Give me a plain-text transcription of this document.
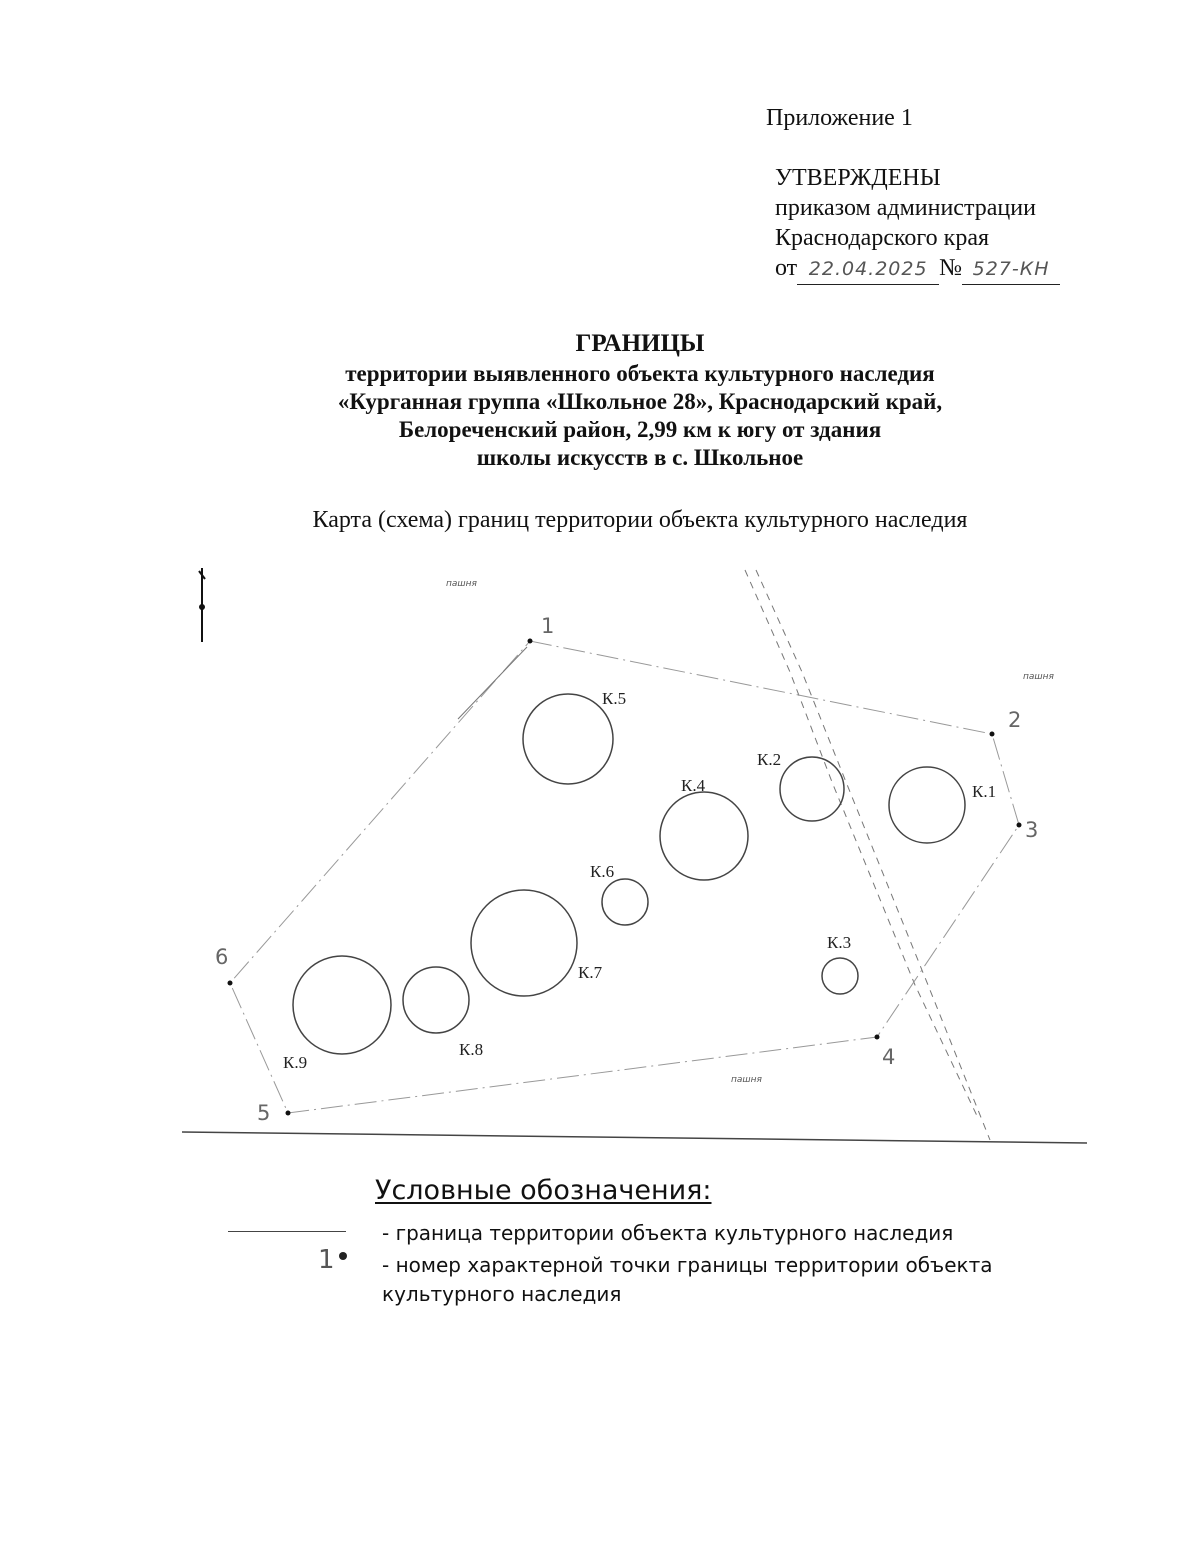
Приложение 1
УТВЕРЖДЕНЫ
приказом администрации
Краснодарского края
от 22.04.2025 № 527-КН
ГРАНИЦЫ
территории выявленного объекта культурного наследия
«Курганная группа «Школьное 28», Краснодарский край,
Белореченский район, 2,99 км к югу от здания
школы искусств в с. Школьное
Карта (схема) границ территории объекта культурного наследия
пашня
пашня
пашня
1
2
3
4
5
6
К.1
К.2
К.3
К.4
К.5
К.6
К.7
К.8
К.9
Условные обозначения:
- граница территории объекта культурного наследия
1 - номер характерной точки границы территории объекта культурного наследия
